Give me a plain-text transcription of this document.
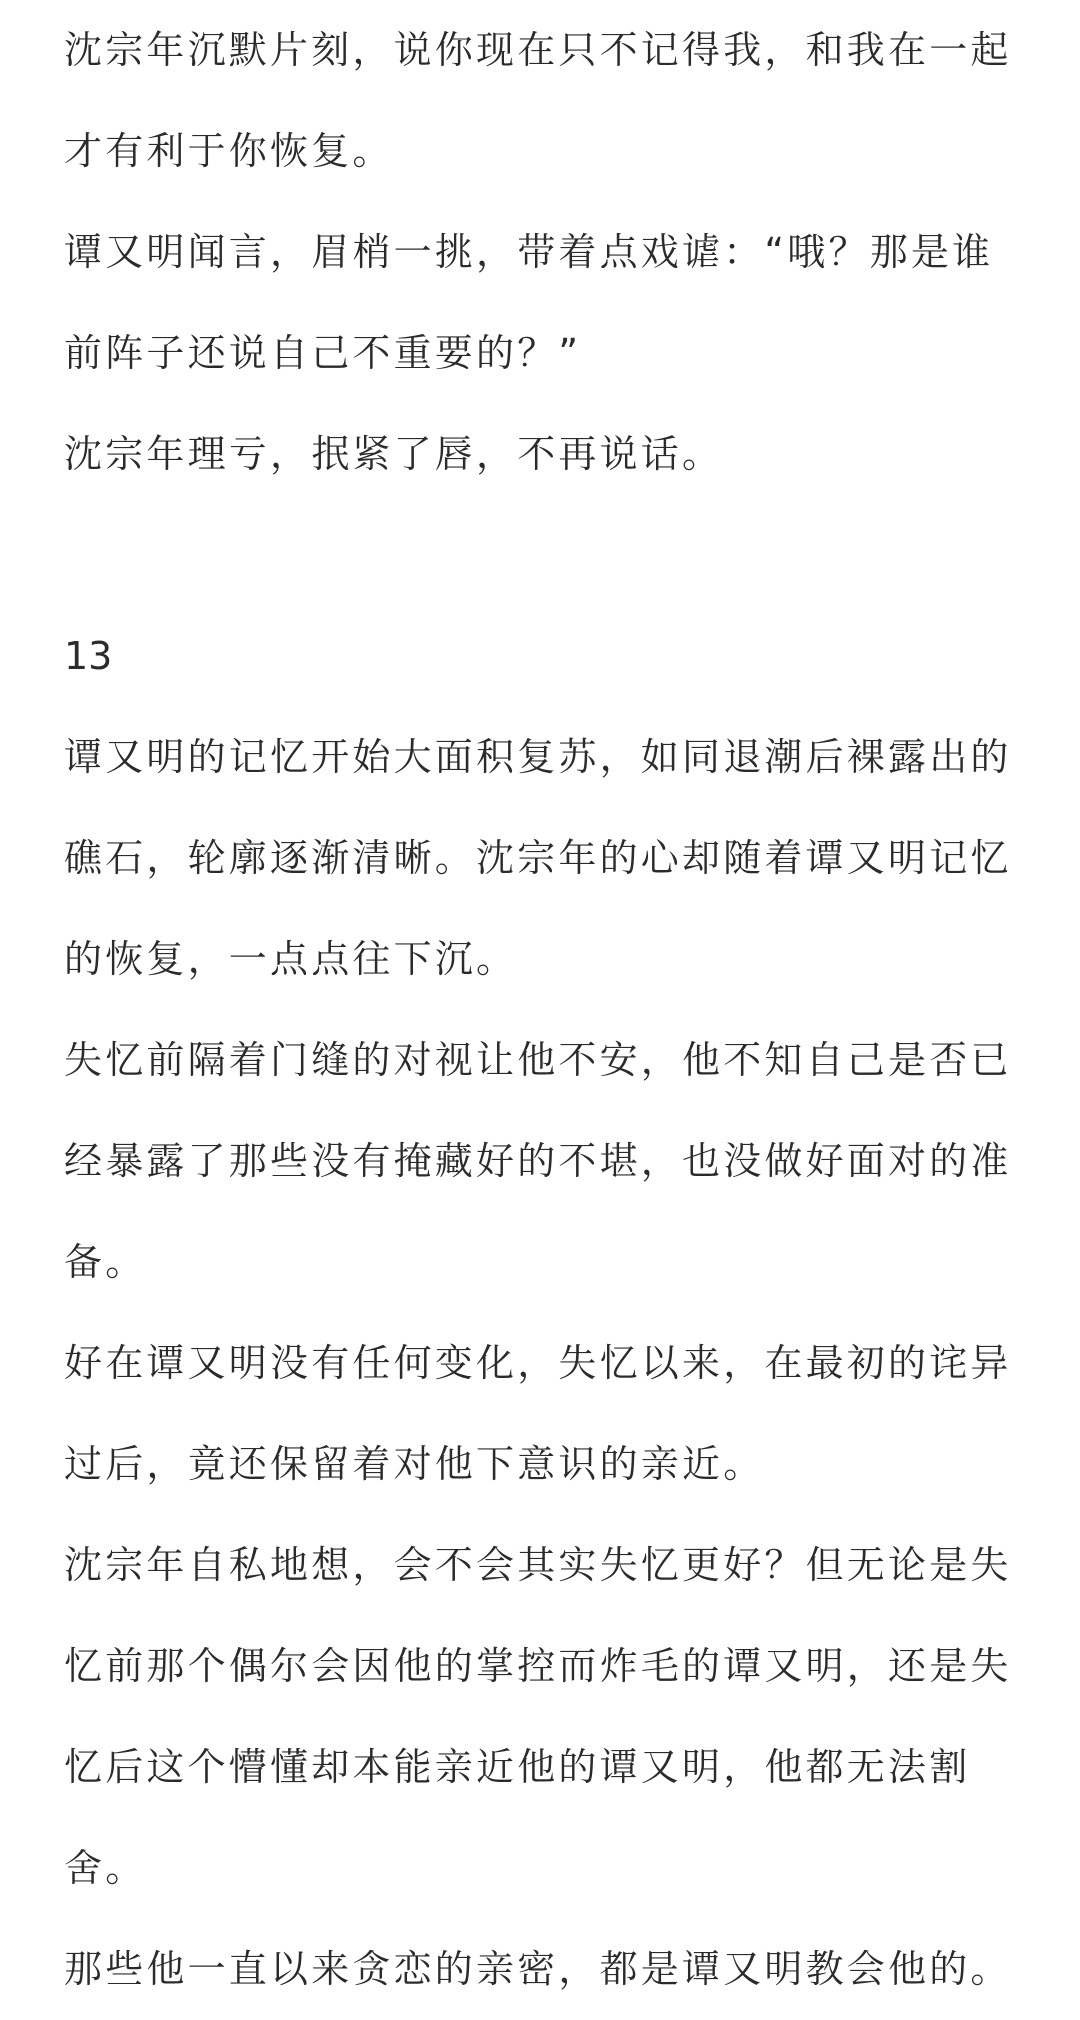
沈宗年沉默片刻，说你现在只不记得我，和我在一起才有利于你恢复。

谭又明闻言，眉梢一挑，带着点戏谑：“哦？那是谁前阵子还说自己不重要的？”

沈宗年理亏，抿紧了唇，不再说话。

13

谭又明的记忆开始大面积复苏，如同退潮后裸露出的礁石，轮廓逐渐清晰。沈宗年的心却随着谭又明记忆的恢复，一点点往下沉。

失忆前隔着门缝的对视让他不安，他不知自己是否已经暴露了那些没有掩藏好的不堪，也没做好面对的准备。

好在谭又明没有任何变化，失忆以来，在最初的诧异过后，竟还保留着对他下意识的亲近。

沈宗年自私地想，会不会其实失忆更好？但无论是失忆前那个偶尔会因他的掌控而炸毛的谭又明，还是失忆后这个懵懂却本能亲近他的谭又明，他都无法割舍。

那些他一直以来贪恋的亲密，都是谭又明教会他的。
